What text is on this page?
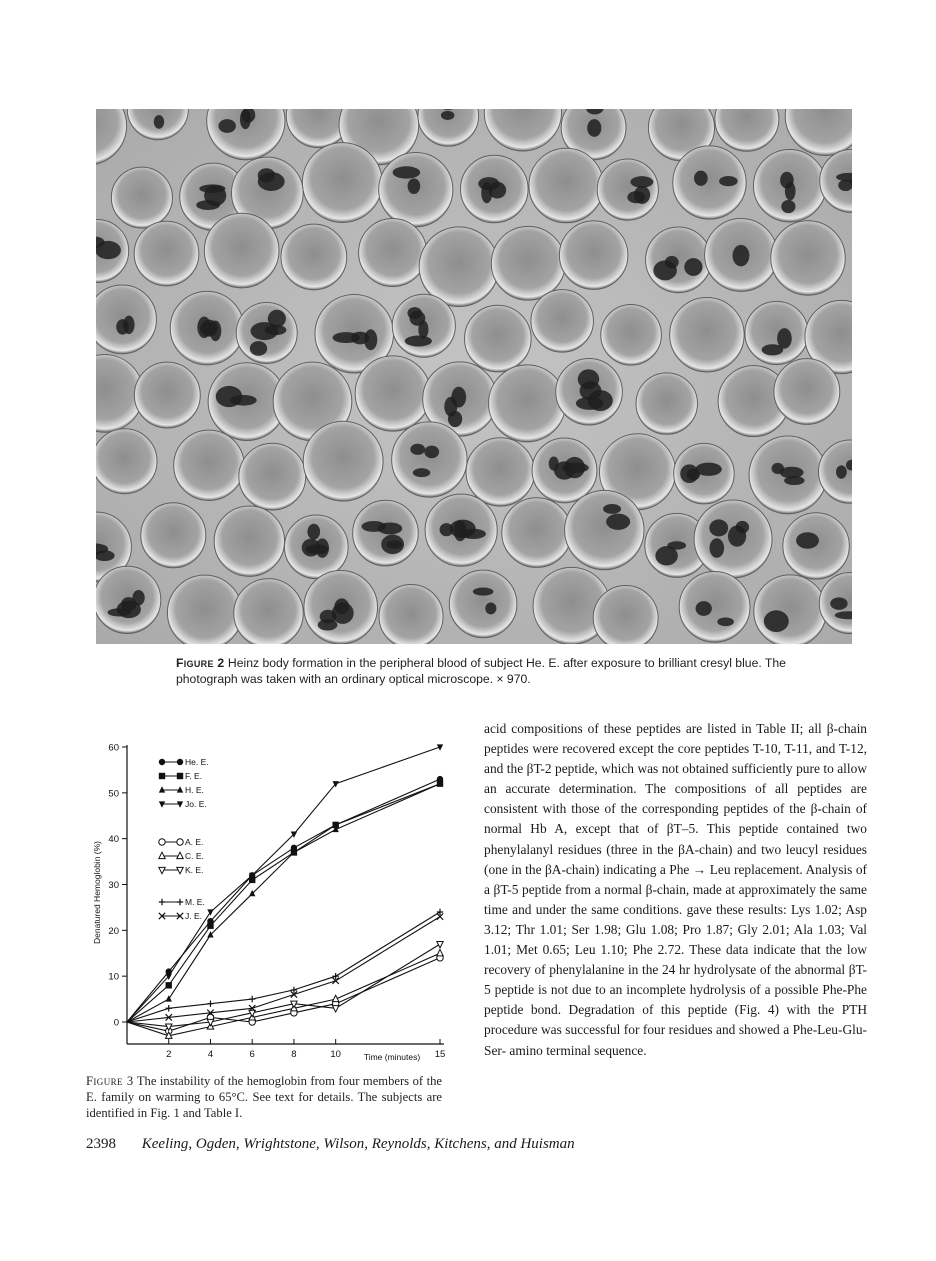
Figure 2 Heinz body formation in the peripheral blood of subject He. E. after exposure to brilliant cresyl blue. The photograph was taken with an ordinary optical microscope. × 970.
0
10
20
30
40
50
60
2	4	6	8	10	15
Time (minutes)
Denatured Hemoglobin (%)
He. E.
F. E.
H. E.
Jo. E.
A. E.
C. E.
K. E.
M. E.
J. E.
Figure 3 The instability of the hemoglobin from four members of the E. family on warming to 65°C. See text for details. The subjects are identified in Fig. 1 and Table I.
acid compositions of these peptides are listed in Table II; all β-chain peptides were recovered except the core peptides T-10, T-11, and T-12, and the βT-2 peptide, which was not obtained sufficiently pure to allow an accurate determination. The compositions of all peptides are consistent with those of the corresponding peptides of the β-chain of normal Hb A, except that of βT–5. This peptide contained two phenylalanyl residues (three in the βA-chain) and two leucyl residues (one in the βA-chain) indicating a Phe → Leu replacement. Analysis of a βT-5 peptide from a normal β-chain, made at approximately the same time and under the same conditions. gave these results: Lys 1.02; Asp 3.12; Thr 1.01; Ser 1.98; Glu 1.08; Pro 1.87; Gly 2.01; Ala 1.03; Val 1.01; Met 0.65; Leu 1.10; Phe 2.72. These data indicate that the low recovery of phenylalanine in the 24 hr hydrolysate of the abnormal βT-5 peptide is not due to an incomplete hydrolysis of a possible Phe-Phe peptide bond. Degradation of this peptide (Fig. 4) with the PTH procedure was successful for four residues and showed a Phe-Leu-Glu-Ser- amino terminal sequence.
2398 Keeling, Ogden, Wrightstone, Wilson, Reynolds, Kitchens, and Huisman
